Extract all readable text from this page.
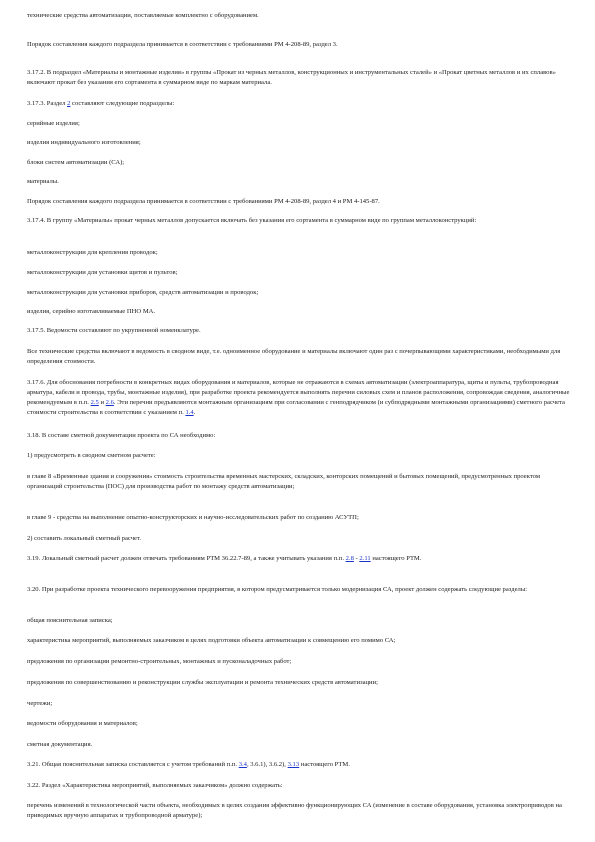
технические средства автоматизации, поставляемые комплектно с оборудованием.

Порядок составления каждого подраздела принимается в соответствии с требованиями РМ 4-208-89, раздел 3.

3.17.2. В подраздел «Материалы и монтажные изделия» в группы «Прокат из черных металлов, конструкционных и инструментальных сталей» и «Прокат цветных металлов и их сплавов» включают прокат без указания его сортамента в суммарном виде по маркам материала.

3.17.3. Раздел 2 составляют следующие подразделы:

серийные изделия;

изделия индивидуального изготовления;

блоки систем автоматизации (СА);

материалы.

Порядок составления каждого подраздела принимается в соответствии с требованиями РМ 4-208-89, раздел 4 и РМ 4-145-87.

3.17.4. В группу «Материалы» прокат черных металлов допускается включать без указания его сортамента в суммарном виде по группам металлоконструкций:

металлоконструкции для крепления проводок;

металлоконструкции для установки щитов и пультов;

металлоконструкции для установки приборов, средств автоматизации и проводок;

изделия, серийно изготавливаемые ПНО МА.

3.17.5. Ведомости составляют по укрупненной номенклатуре.

Все технические средства включают в ведомость в сводном виде, т.е. одноименное оборудование и материалы включают один раз с почерпывающими характеристиками, необходимыми для определения стоимости.

3.17.6. Для обоснования потребности в конкретных видах оборудования и материалов, которые не отражаются в схемах автоматизации (электроаппаратура, щиты и пульты, трубопроводная арматура, кабели и провода, трубы, монтажные изделия), при разработке проекта рекомендуется выполнять перечни силовых схем и планов расположения, сопровождая сведения, аналогичные рекомендуемым в п.п. 2.5 и 2.6. Эти перечни предъявляются монтажным организациям при согласовании с генподрядчиком (и субподрядными монтажными организациями) сметного расчета стоимости строительства в соответствии с указанием п. 1.4.

3.18. В составе сметной документации проекта по СА необходимо:

1) предусмотреть в сводном сметном расчете:

в главе 8 «Временные здания и сооружения» стоимость строительства временных мастерских, складских, конторских помещений и бытовых помещений, предусмотренных проектом организаций строительства (ПОС) для производства работ по монтажу средств автоматизации;

в главе 9 - средства на выполнение опытно-конструкторских и научно-исследовательских работ по созданию АСУТП;

2) составить локальный сметный расчет.

3.19. Локальный сметный расчет должен отвечать требованиям РТМ 36.22.7-89, а также учитывать указания п.п. 2.8 - 2.11 настоящего РТМ.

3.20. При разработке проекта технического перевооружения предприятия, в котором предусматривается только модернизация СА, проект должен содержать следующие разделы:

общая пояснительная записка;

характеристика мероприятий, выполняемых заказчиком в целях подготовки объекта автоматизации к совмещению его помимо СА;

предложения по организации ремонтно-строительных, монтажных и пусконаладочных работ;

предложения по совершенствованию и реконструкции службы эксплуатации и ремонта технических средств автоматизации;

чертежи;

ведомости оборудования и материалов;

сметная документация.

3.21. Общая пояснительная записка составляется с учетом требований п.п. 3.4, 3.6.1), 3.6.2), 3.13 настоящего РТМ.

3.22. Раздел «Характеристика мероприятий, выполняемых заказчиком» должно содержать:

перечень изменений в технологической части объекта, необходимых в целях создания эффективно функционирующих СА (изменение в составе оборудования, установка электроприводов на приводимых вручную аппаратах и трубопроводной арматуре);
